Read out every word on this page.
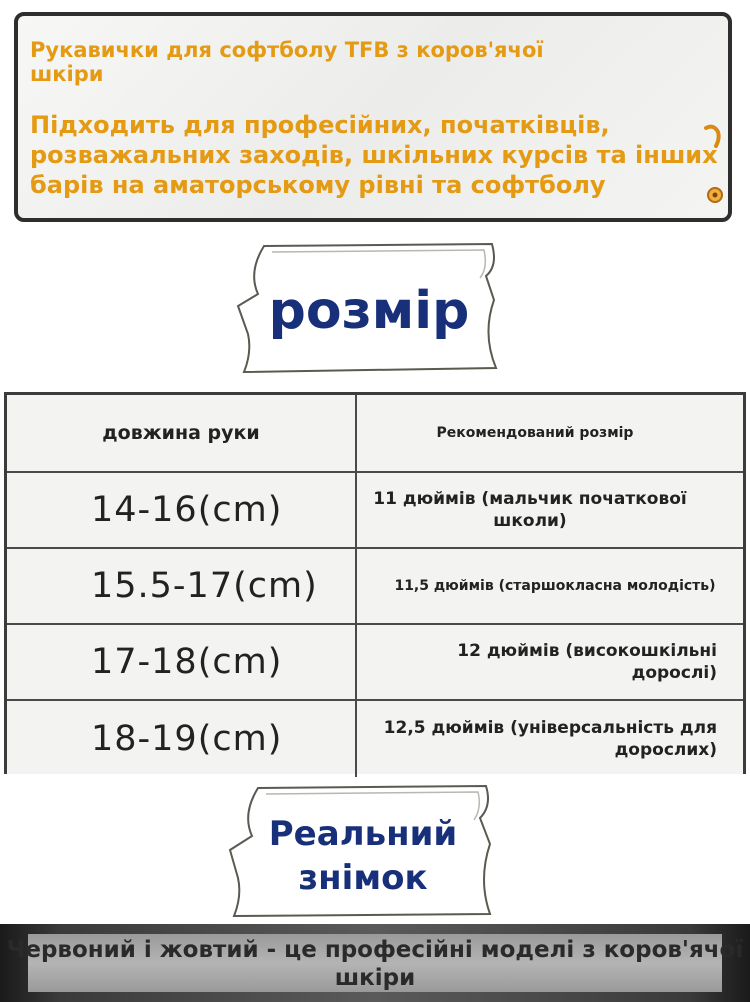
Рукавички для софтболу TFB з коров'ячої шкіри

Підходить для професійних, початківців, розважальних заходів, шкільних курсів та інших барів на аматорському рівні та софтболу

розмір

довжина руки	Рекомендований розмір
14-16(cm)	11 дюймів (мальчик початкової школи)
15.5-17(cm)	11,5 дюймів (старшокласна молодість)
17-18(cm)	12 дюймів (високошкільні дорослі)
18-19(cm)	12,5 дюймів (універсальність для дорослих)

Реальний знімок

Червоний і жовтий - це професійні моделі з коров'ячої шкіри
